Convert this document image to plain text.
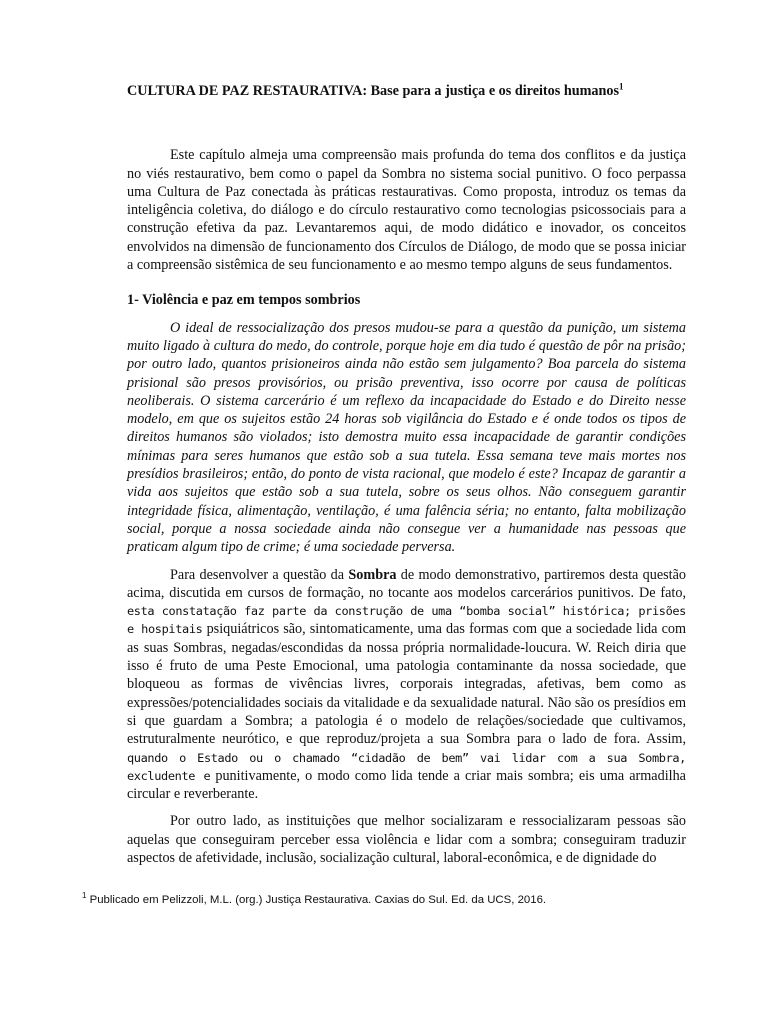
CULTURA DE PAZ RESTAURATIVA: Base para a justiça e os direitos humanos$^1$

Este capítulo almeja uma compreensão mais profunda do tema dos conflitos e da justiça no viés restaurativo, bem como o papel da Sombra no sistema social punitivo. O foco perpassa uma Cultura de Paz conectada às práticas restaurativas. Como proposta, introduz os temas da inteligência coletiva, do diálogo e do círculo restaurativo como tecnologias psicossociais para a construção efetiva da paz. Levantaremos aqui, de modo didático e inovador, os conceitos envolvidos na dimensão de funcionamento dos Círculos de Diálogo, de modo que se possa iniciar a compreensão sistêmica de seu funcionamento e ao mesmo tempo alguns de seus fundamentos.

1- Violência e paz em tempos sombrios

O ideal de ressocialização dos presos mudou-se para a questão da punição, um sistema muito ligado à cultura do medo, do controle, porque hoje em dia tudo é questão de pôr na prisão; por outro lado, quantos prisioneiros ainda não estão sem julgamento? Boa parcela do sistema prisional são presos provisórios, ou prisão preventiva, isso ocorre por causa de políticas neoliberais. O sistema carcerário é um reflexo da incapacidade do Estado e do Direito nesse modelo, em que os sujeitos estão 24 horas sob vigilância do Estado e é onde todos os tipos de direitos humanos são violados; isto demostra muito essa incapacidade de garantir condições mínimas para seres humanos que estão sob a sua tutela. Essa semana teve mais mortes nos presídios brasileiros; então, do ponto de vista racional, que modelo é este? Incapaz de garantir a vida aos sujeitos que estão sob a sua tutela, sobre os seus olhos. Não conseguem garantir integridade física, alimentação, ventilação, é uma falência séria; no entanto, falta mobilização social, porque a nossa sociedade ainda não consegue ver a humanidade nas pessoas que praticam algum tipo de crime; é uma sociedade perversa.

Para desenvolver a questão da Sombra de modo demonstrativo, partiremos desta questão acima, discutida em cursos de formação, no tocante aos modelos carcerários punitivos. De fato, esta constatação faz parte da construção de uma “bomba social” histórica; prisões e hospitais psiquiátricos são, sintomaticamente, uma das formas com que a sociedade lida com as suas Sombras, negadas/escondidas da nossa própria normalidade-loucura. W. Reich diria que isso é fruto de uma Peste Emocional, uma patologia contaminante da nossa sociedade, que bloqueou as formas de vivências livres, corporais integradas, afetivas, bem como as expressões/potencialidades sociais da vitalidade e da sexualidade natural. Não são os presídios em si que guardam a Sombra; a patologia é o modelo de relações/sociedade que cultivamos, estruturalmente neurótico, e que reproduz/projeta a sua Sombra para o lado de fora. Assim, quando o Estado ou o chamado “cidadão de bem” vai lidar com a sua Sombra, excludente e punitivamente, o modo como lida tende a criar mais sombra; eis uma armadilha circular e reverberante.

Por outro lado, as instituições que melhor socializaram e ressocializaram pessoas são aquelas que conseguiram perceber essa violência e lidar com a sombra; conseguiram traduzir aspectos de afetividade, inclusão, socialização cultural, laboral-econômica, e de dignidade do

$^1$ Publicado em Pelizzoli, M.L. (org.) Justiça Restaurativa. Caxias do Sul. Ed. da UCS, 2016.
